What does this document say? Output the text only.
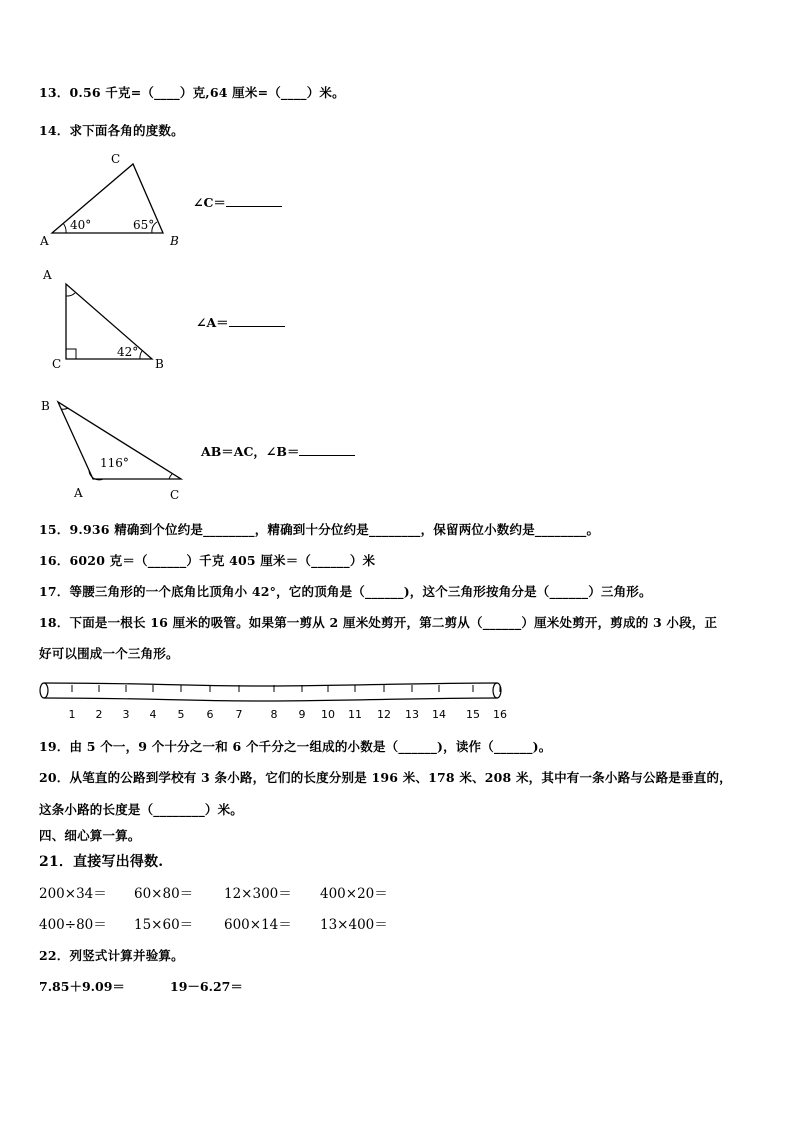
13．0.56 千克=（____）克,64 厘米=（____）米。
14．求下面各角的度数。
C
A	B
40°	65°
A
C	B
42°
B
A	C
116°
1 2 3 4 5 6 7	8 9 10 11 12 13 14 15 16
∠C＝
∠A＝
AB＝AC，∠B＝
15．9.936 精确到个位约是________，精确到十分位约是________，保留两位小数约是________。
16．6020 克＝（______）千克 405 厘米＝（______）米
17．等腰三角形的一个底角比顶角小 42°，它的顶角是（______)，这个三角形按角分是（______）三角形。
18．下面是一根长 16 厘米的吸管。如果第一剪从 2 厘米处剪开，第二剪从（______）厘米处剪开，剪成的 3 小段，正
好可以围成一个三角形。
19．由 5 个一，9 个十分之一和 6 个千分之一组成的小数是（______)，读作（______)。
20．从笔直的公路到学校有 3 条小路，它们的长度分别是 196 米、178 米、208 米，其中有一条小路与公路是垂直的，
这条小路的长度是（________）米。
四、细心算一算。
21．直接写出得数.
200×34＝ 60×80＝ 12×300＝ 400×20＝
400÷80＝ 15×60＝ 600×14＝ 13×400＝
22．列竖式计算并验算。
7.85＋9.09＝	19－6.27＝
